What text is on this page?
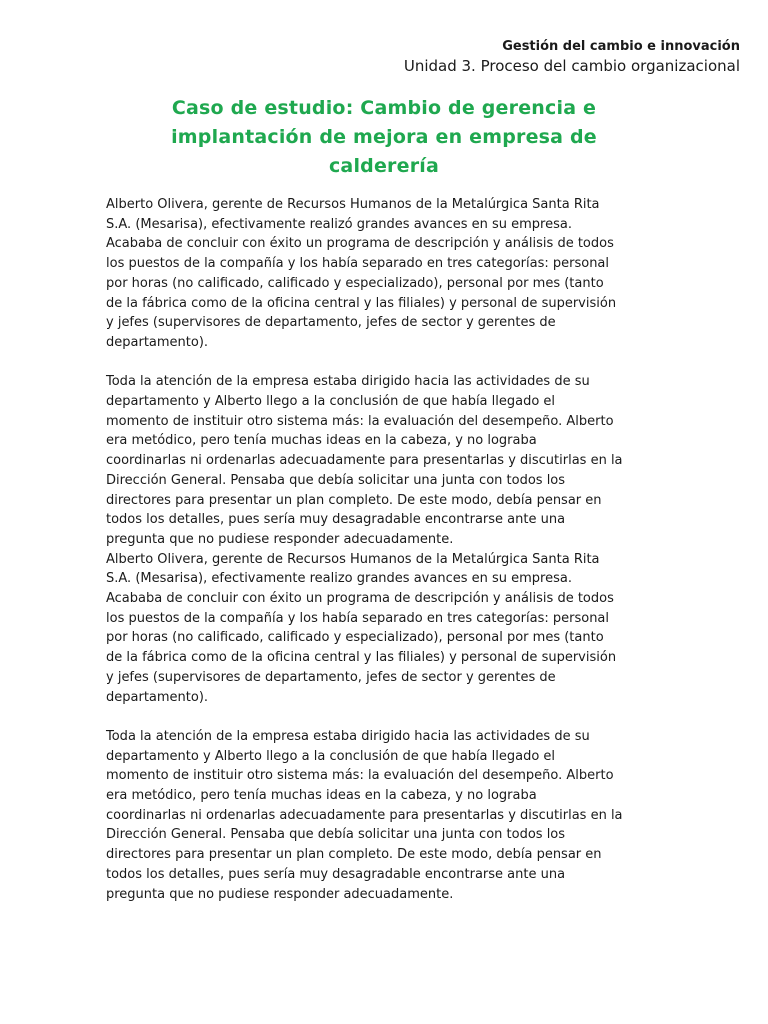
Gestión del cambio e innovación
Unidad 3. Proceso del cambio organizacional
Caso de estudio: Cambio de gerencia e
implantación de mejora en empresa de
calderería

Alberto Olivera, gerente de Recursos Humanos de la Metalúrgica Santa Rita
S.A. (Mesarisa), efectivamente realizó grandes avances en su empresa.
Acababa de concluir con éxito un programa de descripción y análisis de todos
los puestos de la compañía y los había separado en tres categorías: personal
por horas (no calificado, calificado y especializado), personal por mes (tanto
de la fábrica como de la oficina central y las filiales) y personal de supervisión
y jefes (supervisores de departamento, jefes de sector y gerentes de
departamento).

Toda la atención de la empresa estaba dirigido hacia las actividades de su
departamento y Alberto llego a la conclusión de que había llegado el
momento de instituir otro sistema más: la evaluación del desempeño. Alberto
era metódico, pero tenía muchas ideas en la cabeza, y no lograba
coordinarlas ni ordenarlas adecuadamente para presentarlas y discutirlas en la
Dirección General. Pensaba que debía solicitar una junta con todos los
directores para presentar un plan completo. De este modo, debía pensar en
todos los detalles, pues sería muy desagradable encontrarse ante una
pregunta que no pudiese responder adecuadamente.

Alberto Olivera, gerente de Recursos Humanos de la Metalúrgica Santa Rita
S.A. (Mesarisa), efectivamente realizo grandes avances en su empresa.
Acababa de concluir con éxito un programa de descripción y análisis de todos
los puestos de la compañía y los había separado en tres categorías: personal
por horas (no calificado, calificado y especializado), personal por mes (tanto
de la fábrica como de la oficina central y las filiales) y personal de supervisión
y jefes (supervisores de departamento, jefes de sector y gerentes de
departamento).

Toda la atención de la empresa estaba dirigido hacia las actividades de su
departamento y Alberto llego a la conclusión de que había llegado el
momento de instituir otro sistema más: la evaluación del desempeño. Alberto
era metódico, pero tenía muchas ideas en la cabeza, y no lograba
coordinarlas ni ordenarlas adecuadamente para presentarlas y discutirlas en la
Dirección General. Pensaba que debía solicitar una junta con todos los
directores para presentar un plan completo. De este modo, debía pensar en
todos los detalles, pues sería muy desagradable encontrarse ante una
pregunta que no pudiese responder adecuadamente.
